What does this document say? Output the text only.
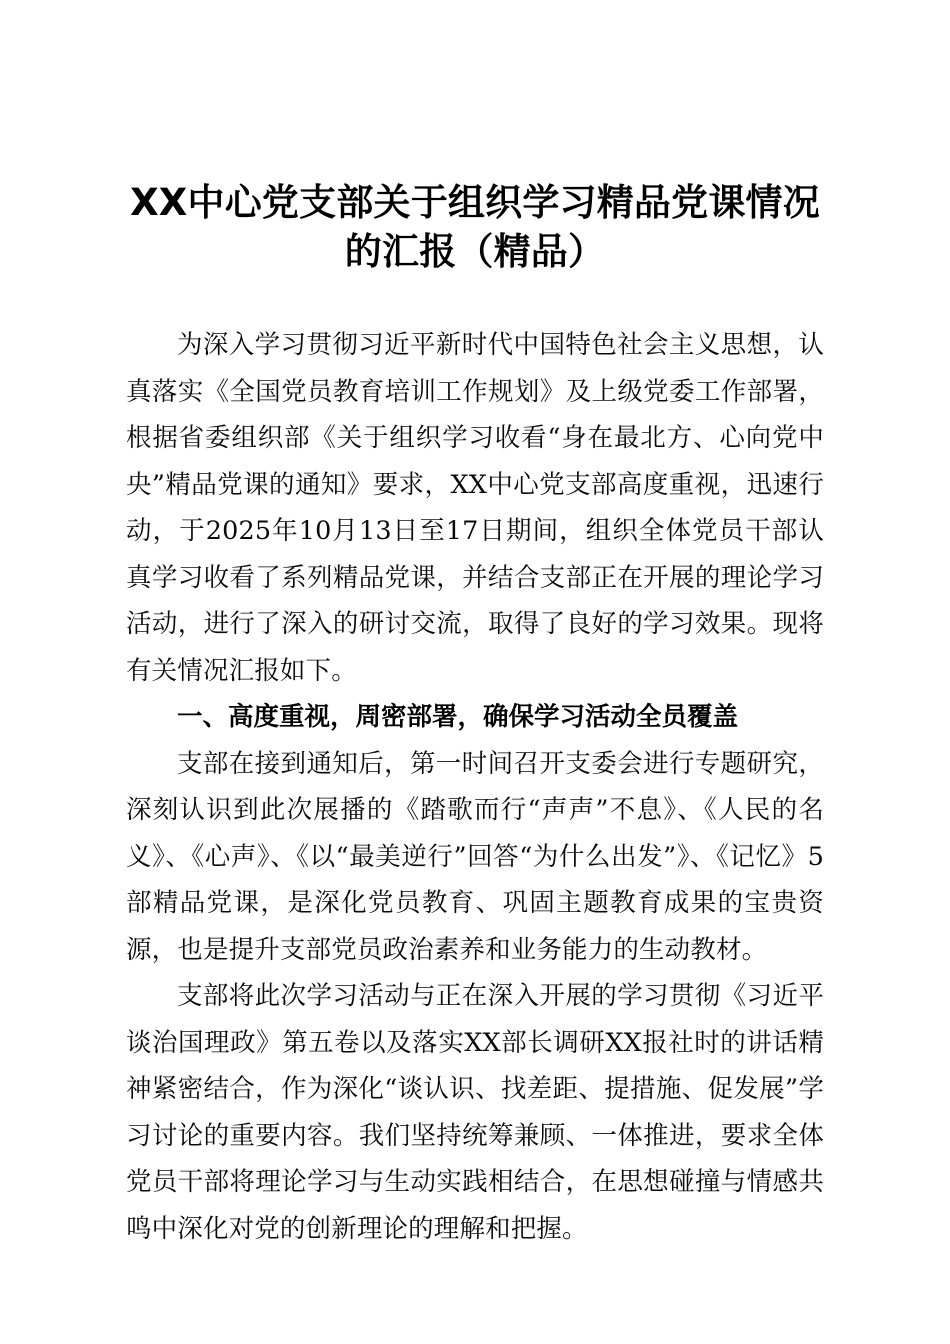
XX中心党支部关于组织学习精品党课情况的汇报（精品）

为深入学习贯彻习近平新时代中国特色社会主义思想，认真落实《全国党员教育培训工作规划》及上级党委工作部署，根据省委组织部《关于组织学习收看“身在最北方、心向党中央”精品党课的通知》要求，XX中心党支部高度重视，迅速行动，于2025年10月13日至17日期间，组织全体党员干部认真学习收看了系列精品党课，并结合支部正在开展的理论学习活动，进行了深入的研讨交流，取得了良好的学习效果。现将有关情况汇报如下。

一、高度重视，周密部署，确保学习活动全员覆盖

支部在接到通知后，第一时间召开支委会进行专题研究，深刻认识到此次展播的《踏歌而行“声声”不息》、《人民的名义》、《心声》、《以“最美逆行”回答“为什么出发”》、《记忆》5部精品党课，是深化党员教育、巩固主题教育成果的宝贵资源，也是提升支部党员政治素养和业务能力的生动教材。

支部将此次学习活动与正在深入开展的学习贯彻《习近平谈治国理政》第五卷以及落实XX部长调研XX报社时的讲话精神紧密结合，作为深化“谈认识、找差距、提措施、促发展”学习讨论的重要内容。我们坚持统筹兼顾、一体推进，要求全体党员干部将理论学习与生动实践相结合，在思想碰撞与情感共鸣中深化对党的创新理论的理解和把握。
